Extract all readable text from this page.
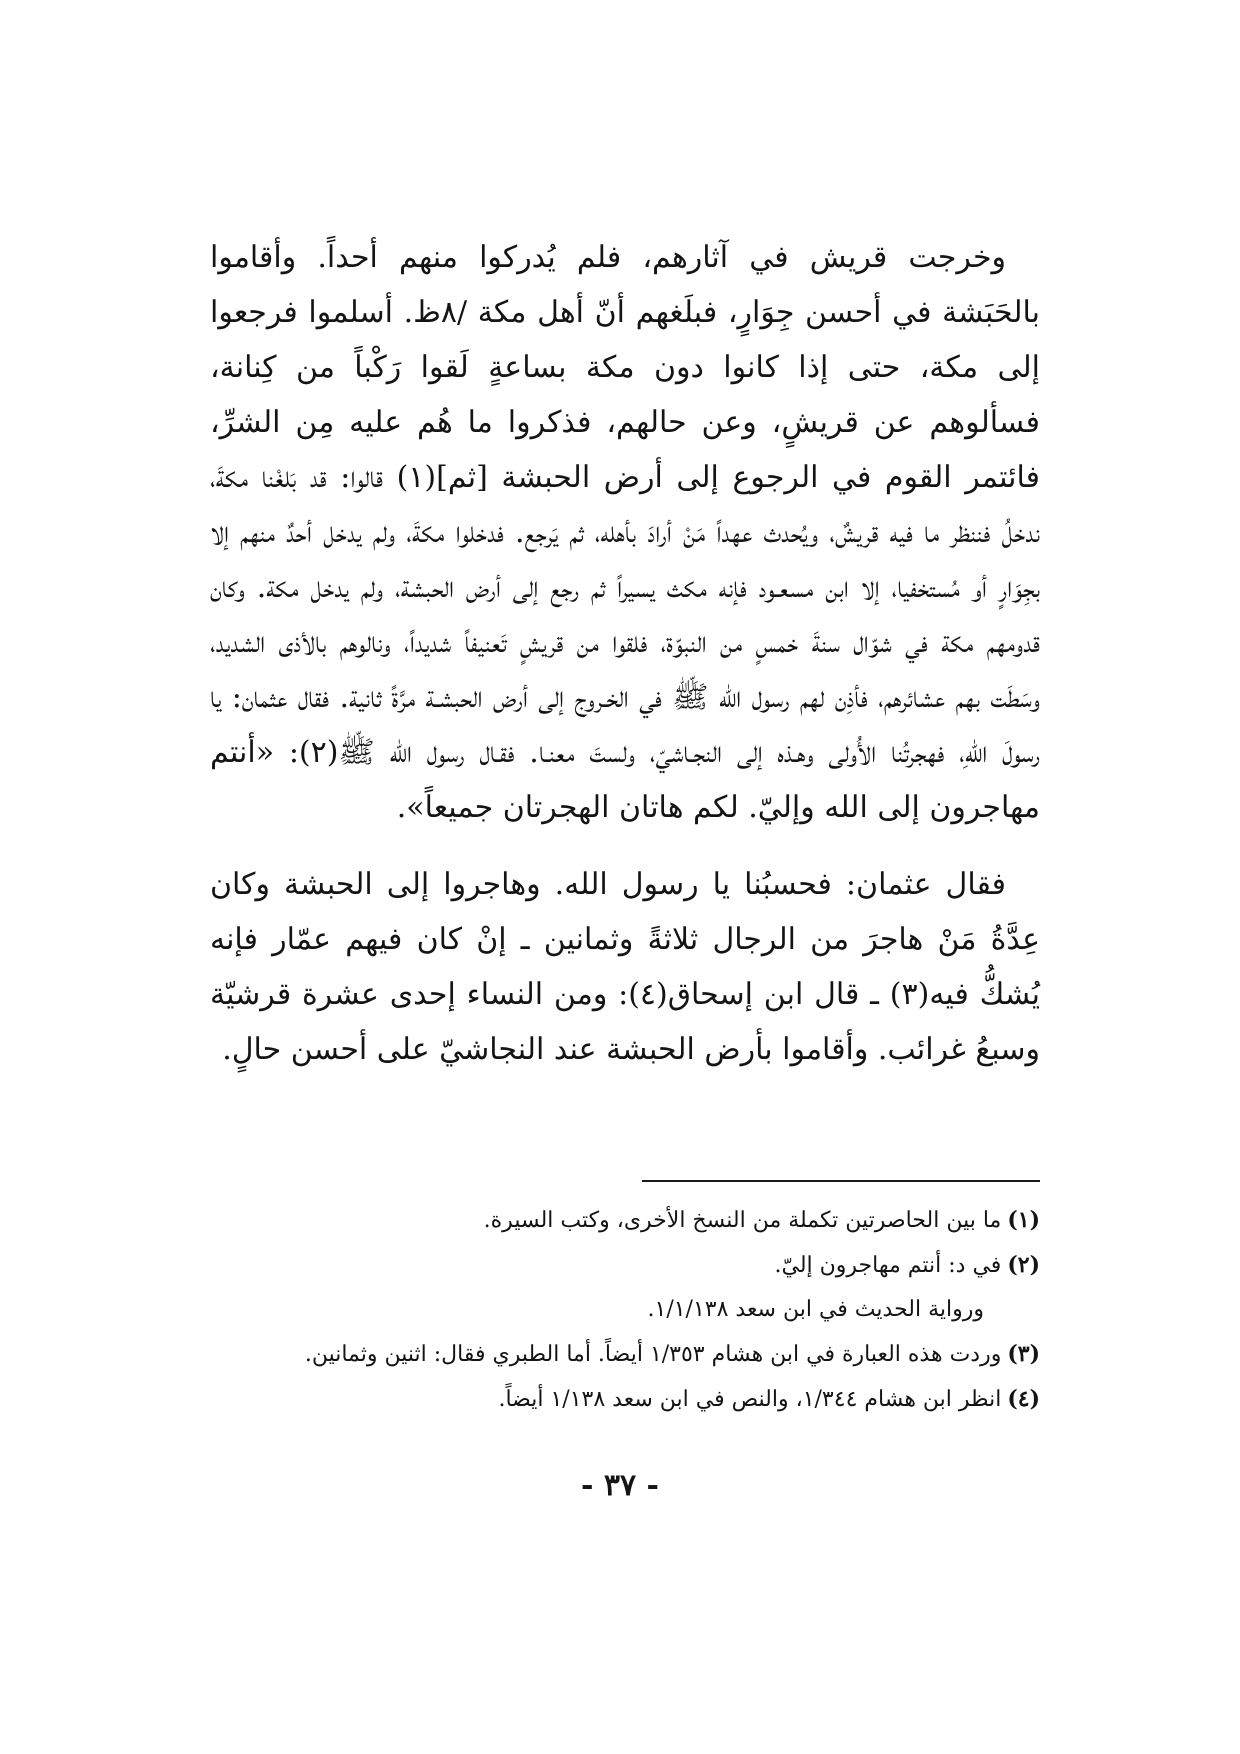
وخرجت قريش في آثارهم، فلم يُدركوا منهم أحداً. وأقاموا بالحَبَشة في أحسن جِوَارٍ، فبلَغهم أنّ أهل مكة /٨ظ. أسلموا فرجعوا إلى مكة، حتى إذا كانوا دون مكة بساعةٍ لَقوا رَكْباً من كِنانة، فسألوهم عن قريشٍ، وعن حالهم، فذكروا ما هُم عليه مِن الشرِّ، فائتمر القوم في الرجوع إلى أرض الحبشة [ثم](١) قالوا: قد بَلغْنا مكةَ، ندخلُ فننظر ما فيه قريشٌ، ويُحدث عهداً مَنْ أرادَ بأهله، ثم يَرجع. فدخلوا مكةَ، ولم يدخل أحدٌ منهم إلا بجِوَارٍ أو مُستخفيا، إلا ابن مسعـود فإنه مكث يسيراً ثم رجع إلى أرض الحبشة، ولم يدخل مكة. وكان قدومهم مكة في شوّال سنةَ خمسٍ من النبوّة، فلقوا من قريشٍ تَعنيفاً شديداً، ونالوهم بالأذى الشديد، وسَطَت بهم عشائرهم، فأذِن لهم رسول الله ﷺ في الخـروج إلى أرض الحبشـة مرَّةً ثانية. فقال عثمان: يا رسولَ اللهِ، فهجرتُنا الأُولى وهـذه إلى النجـاشيّ، ولستَ معنـا. فقـال رسول الله ﷺ(٢): «أنتم مهاجرون إلى الله وإليّ. لكم هاتان الهجرتان جميعاً».

فقال عثمان: فحسبُنا يا رسول الله. وهاجروا إلى الحبشة وكان عِدَّةُ مَنْ هاجرَ من الرجال ثلاثةً وثمانين ـ إنْ كان فيهم عمّار فإنه يُشكُّ فيه(٣) ـ قال ابن إسحاق(٤): ومن النساء إحدى عشرة قرشيّة وسبعُ غرائب. وأقاموا بأرض الحبشة عند النجاشيّ على أحسن حالٍ.

(١)ما بين الحاصرتين تكملة من النسخ الأخرى، وكتب السيرة.
(٢)في د: أنتم مهاجرون إليّ.
ورواية الحديث في ابن سعد ١/١/١٣٨.
(٣)وردت هذه العبارة في ابن هشام ١/٣٥٣ أيضاً. أما الطبري فقال: اثنين وثمانين.
(٤)انظر ابن هشام ١/٣٤٤، والنص في ابن سعد ١/١٣٨ أيضاً.
- ٣٧ -
